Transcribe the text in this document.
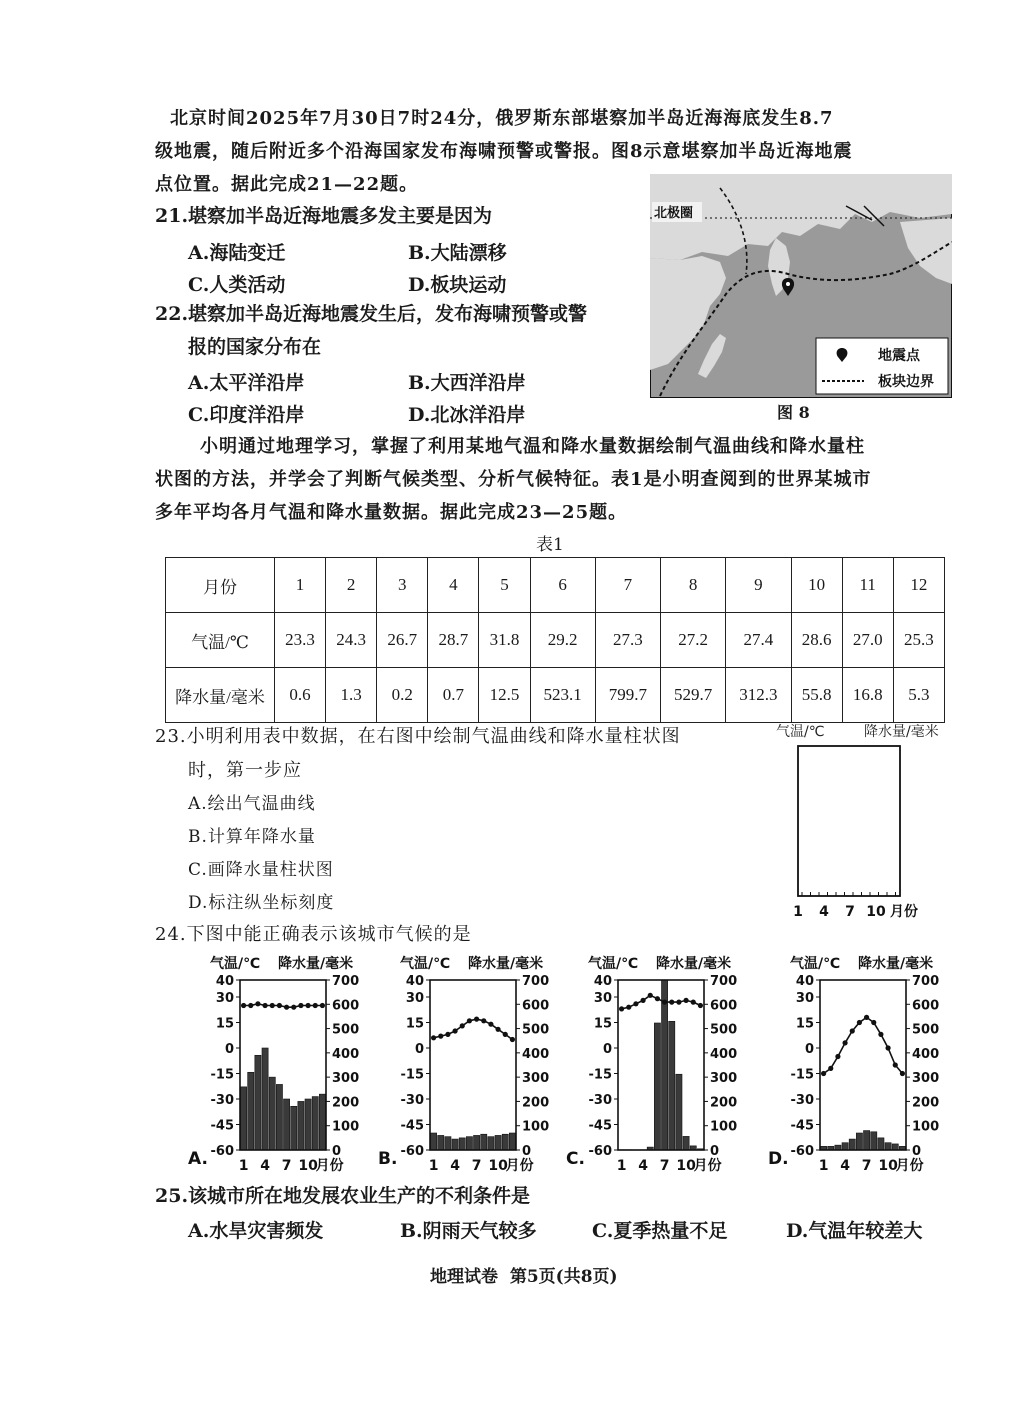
北京时间2025年7月30日7时24分，俄罗斯东部堪察加半岛近海海底发生8.7
级地震，随后附近多个沿海国家发布海啸预警或警报。图8示意堪察加半岛近海地震
点位置。据此完成21—22题。
21.堪察加半岛近海地震多发主要是因为
A.海陆变迁	B.大陆漂移
C.人类活动	D.板块运动
22.堪察加半岛近海地震发生后，发布海啸预警或警
报的国家分布在
A.太平洋沿岸	B.大西洋沿岸
C.印度洋沿岸	D.北冰洋沿岸
北极圈
地震点
板块边界
图 8
小明通过地理学习，掌握了利用某地气温和降水量数据绘制气温曲线和降水量柱
状图的方法，并学会了判断气候类型、分析气候特征。表1是小明查阅到的世界某城市
多年平均各月气温和降水量数据。据此完成23—25题。
表1
月份	1	2	3	4	5	6	7	8	9	10	11	12
气温/℃	23.3	24.3	26.7	28.7	31.8	29.2	27.3	27.2	27.4	28.6	27.0	25.3
降水量/毫米	0.6	1.3	0.2	0.7	12.5	523.1	799.7	529.7	312.3	55.8	16.8	5.3
23.小明利用表中数据，在右图中绘制气温曲线和降水量柱状图
时，第一步应
A.绘出气温曲线
B.计算年降水量
C.画降水量柱状图
D.标注纵坐标刻度
气温/℃	降水量/毫米
1 4 7 10 月份
24.下图中能正确表示该城市气候的是
气温/℃ 降水量/毫米
40
30
15
0
-15
-30
-45
-60
700
600
500
400
300
200
100
0
1 4 7 10
月份
A.
气温/℃ 降水量/毫米
40
30
15
0
-15
-30
-45
-60
700
600
500
400
300
200
100
0
1 4 7 10
月份
B.
气温/℃ 降水量/毫米
40
30
15
0
-15
-30
-45
-60
700
600
500
400
300
200
100
0
1 4 7 10
月份
C.
气温/℃ 降水量/毫米
40
30
15
0
-15
-30
-45
-60
700
600
500
400
300
200
100
0
1 4 7 10
月份
D.
25.该城市所在地发展农业生产的不利条件是
A.水旱灾害频发	B.阴雨天气较多	C.夏季热量不足	D.气温年较差大
地理试卷  第5页(共8页)
